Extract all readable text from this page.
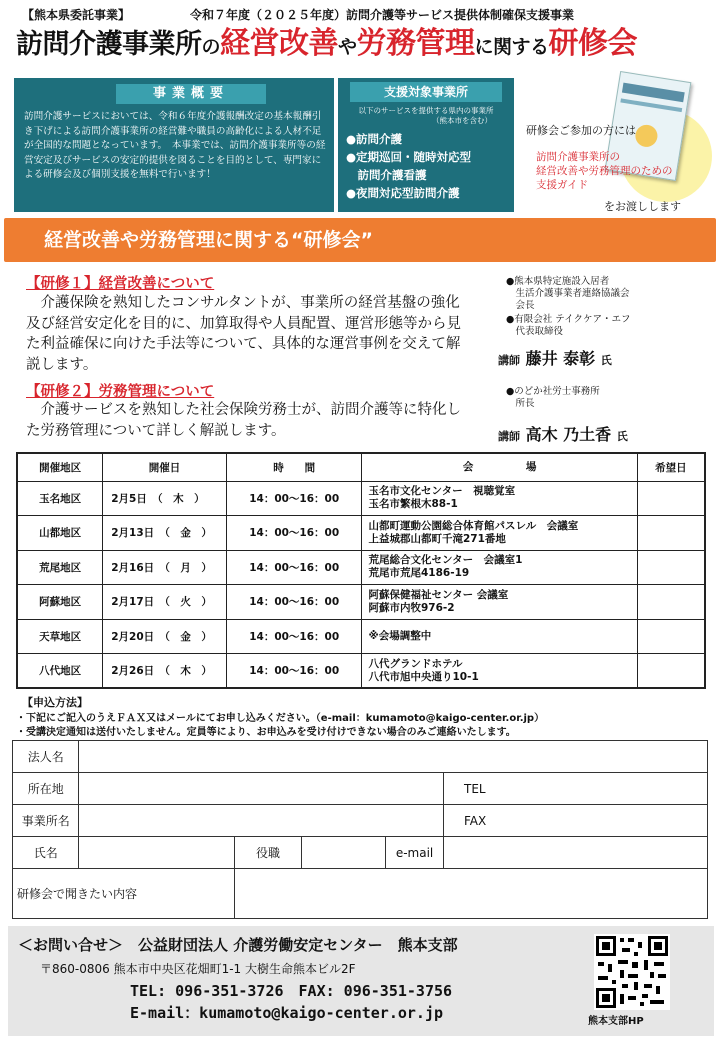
【熊本県委託事業】	令和７年度（２０２５年度）訪問介護等サービス提供体制確保支援事業
訪問介護事業所の経営改善や労務管理に関する研修会
事業概要
訪問介護サービスにおいては、令和６年度介護報酬改定の基本報酬引き下げによる訪問介護事業所の経営難や職員の高齢化による人材不足が全国的な問題となっています。　本事業では、訪問介護事業所等の経営安定及びサービスの安定的提供を図ることを目的として、専門家による研修会及び個別支援を無料で行います！
支援対象事業所
以下のサービスを提供する県内の事業所
（熊本市を含む）
●訪問介護
●定期巡回・随時対応型
　訪問介護看護
●夜間対応型訪問介護
研修会ご参加の方には
訪問介護事業所の
経営改善や労務管理のための
支援ガイド
をお渡しします
経営改善や労務管理に関する“研修会”
【研修１】経営改善について
介護保険を熟知したコンサルタントが、事業所の経営基盤の強化及び経営安定化を目的に、加算取得や人員配置、運営形態等から見た利益確保に向けた手法等について、具体的な運営事例を交えて解説します。
【研修２】労務管理について
介護サービスを熟知した社会保険労務士が、訪問介護等に特化した労務管理について詳しく解説します。
●熊本県特定施設入居者
　生活介護事業者連絡協議会
　会長
●有限会社 テイクケア・エフ
　代表取締役
講師 藤井 泰彰 氏
●のどか社労士事務所
　所長
講師 高木 乃土香 氏
開催地区	開催日	時　　間	会　　　　　場	希望日
玉名地区	2月5日　（　木　）	14：00～16：00	玉名市文化センター　視聴覚室
玉名市繁根木88-1	

山都地区	2月13日　（　金　）	14：00～16：00	山都町運動公園総合体育館パスレル　会議室
上益城郡山都町千滝271番地	

荒尾地区	2月16日　（　月　）	14：00～16：00	荒尾総合文化センター　会議室1
荒尾市荒尾4186-19	

阿蘇地区	2月17日　（　火　）	14：00～16：00	阿蘇保健福祉センター 会議室
阿蘇市内牧976-2	

天草地区	2月20日　（　金　）	14：00～16：00	※会場調整中	

八代地区	2月26日　（　木　）	14：00～16：00	八代グランドホテル
八代市旭中央通り10-1	

【申込方法】
・下記にご記入のうえＦＡＸ又はメールにてお申し込みください。（e-mail：kumamoto@kaigo-center.or.jp）
・受講決定通知は送付いたしません。定員等により、お申込みを受け付けできない場合のみご連絡いたします。
法人名						
所在地					TEL	
事業所名					FAX	
氏名		役職		e-mail		
研修会で聞きたい内容						
＜お問い合せ＞　公益財団法人 介護労働安定センター　熊本支部
〒860-0806 熊本市中央区花畑町1-1 大樹生命熊本ビル2F
TEL: 096-351-3726　FAX: 096-351-3756
E-mail：kumamoto@kaigo-center.or.jp	熊本支部HP
